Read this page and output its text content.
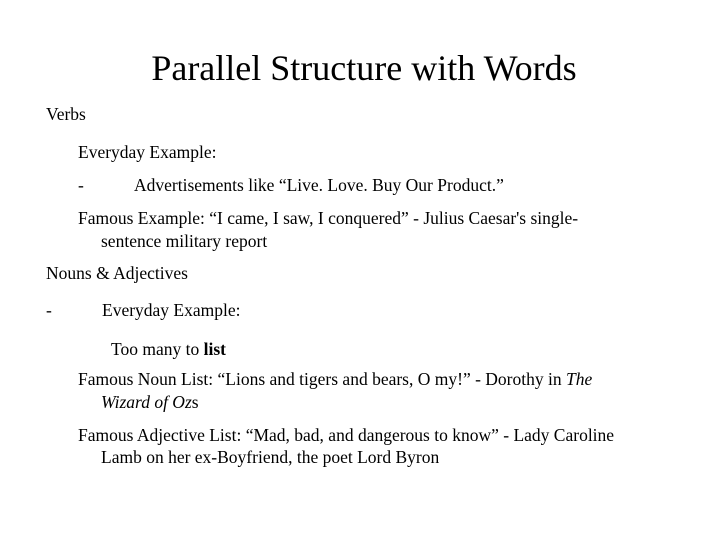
Parallel Structure with Words
Verbs
Everyday Example:
-	Advertisements like “Live. Love. Buy Our Product.”
Famous Example: “I came, I saw, I conquered” - Julius Caesar's single-
sentence military report
Nouns & Adjectives
-	Everyday Example:
Too many to list
Famous Noun List: “Lions and tigers and bears, O my!” - Dorothy in The
Wizard of Ozs
Famous Adjective List: “Mad, bad, and dangerous to know” - Lady Caroline
Lamb on her ex-Boyfriend, the poet Lord Byron
